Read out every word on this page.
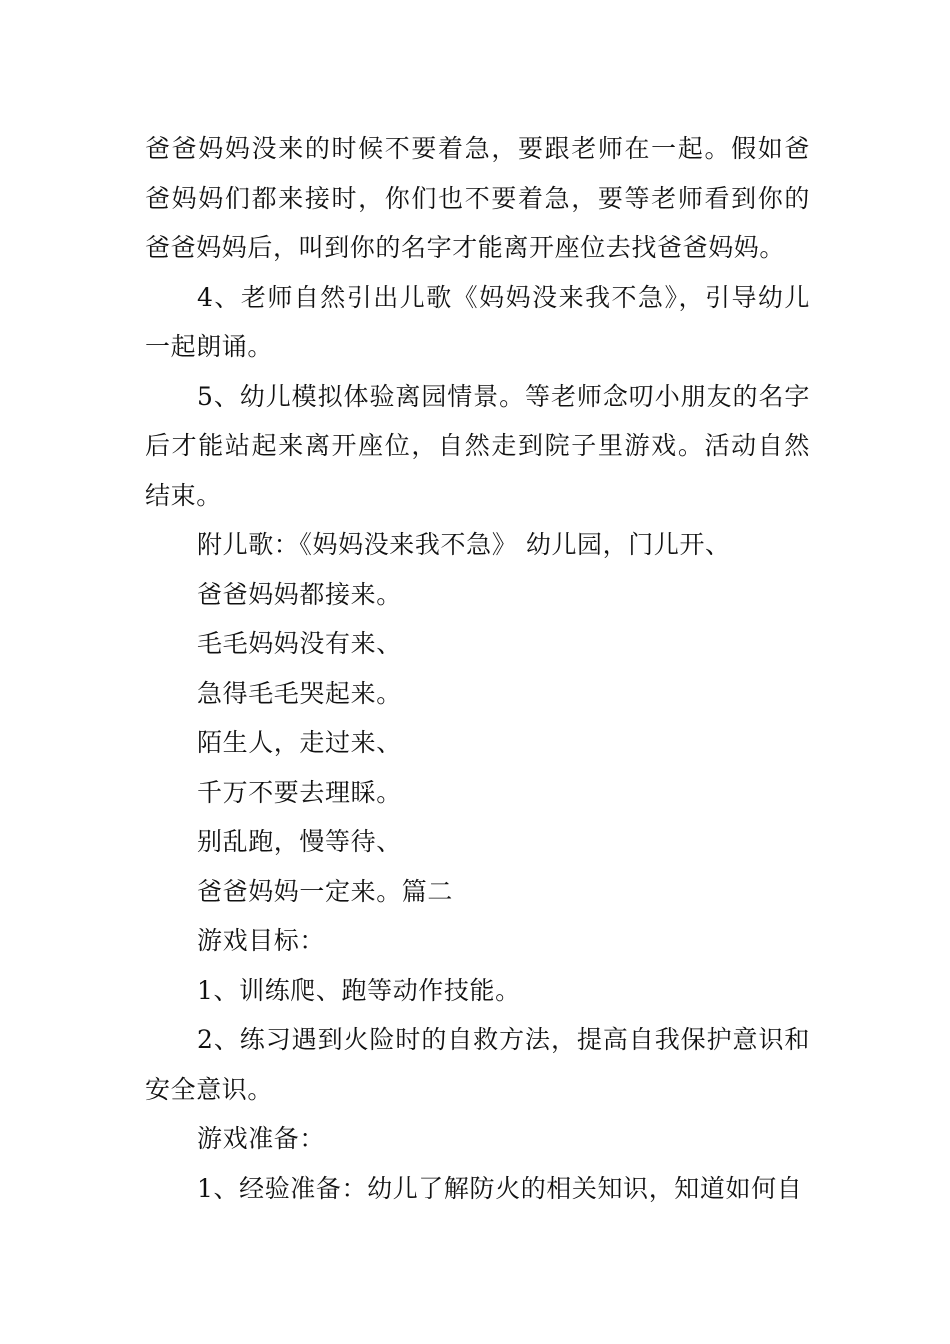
爸爸妈妈没来的时候不要着急，要跟老师在一起。假如爸爸妈妈们都来接时，你们也不要着急，要等老师看到你的爸爸妈妈后，叫到你的名字才能离开座位去找爸爸妈妈。

4、老师自然引出儿歌《妈妈没来我不急》，引导幼儿一起朗诵。

5、幼儿模拟体验离园情景。等老师念叨小朋友的名字后才能站起来离开座位，自然走到院子里游戏。活动自然结束。

附儿歌：《妈妈没来我不急》 幼儿园，门儿开、

爸爸妈妈都接来。

毛毛妈妈没有来、

急得毛毛哭起来。

陌生人，走过来、

千万不要去理睬。

别乱跑，慢等待、

爸爸妈妈一定来。篇二

游戏目标：

1、训练爬、跑等动作技能。

2、练习遇到火险时的自救方法，提高自我保护意识和安全意识。

游戏准备：

1、经验准备：幼儿了解防火的相关知识，知道如何自
